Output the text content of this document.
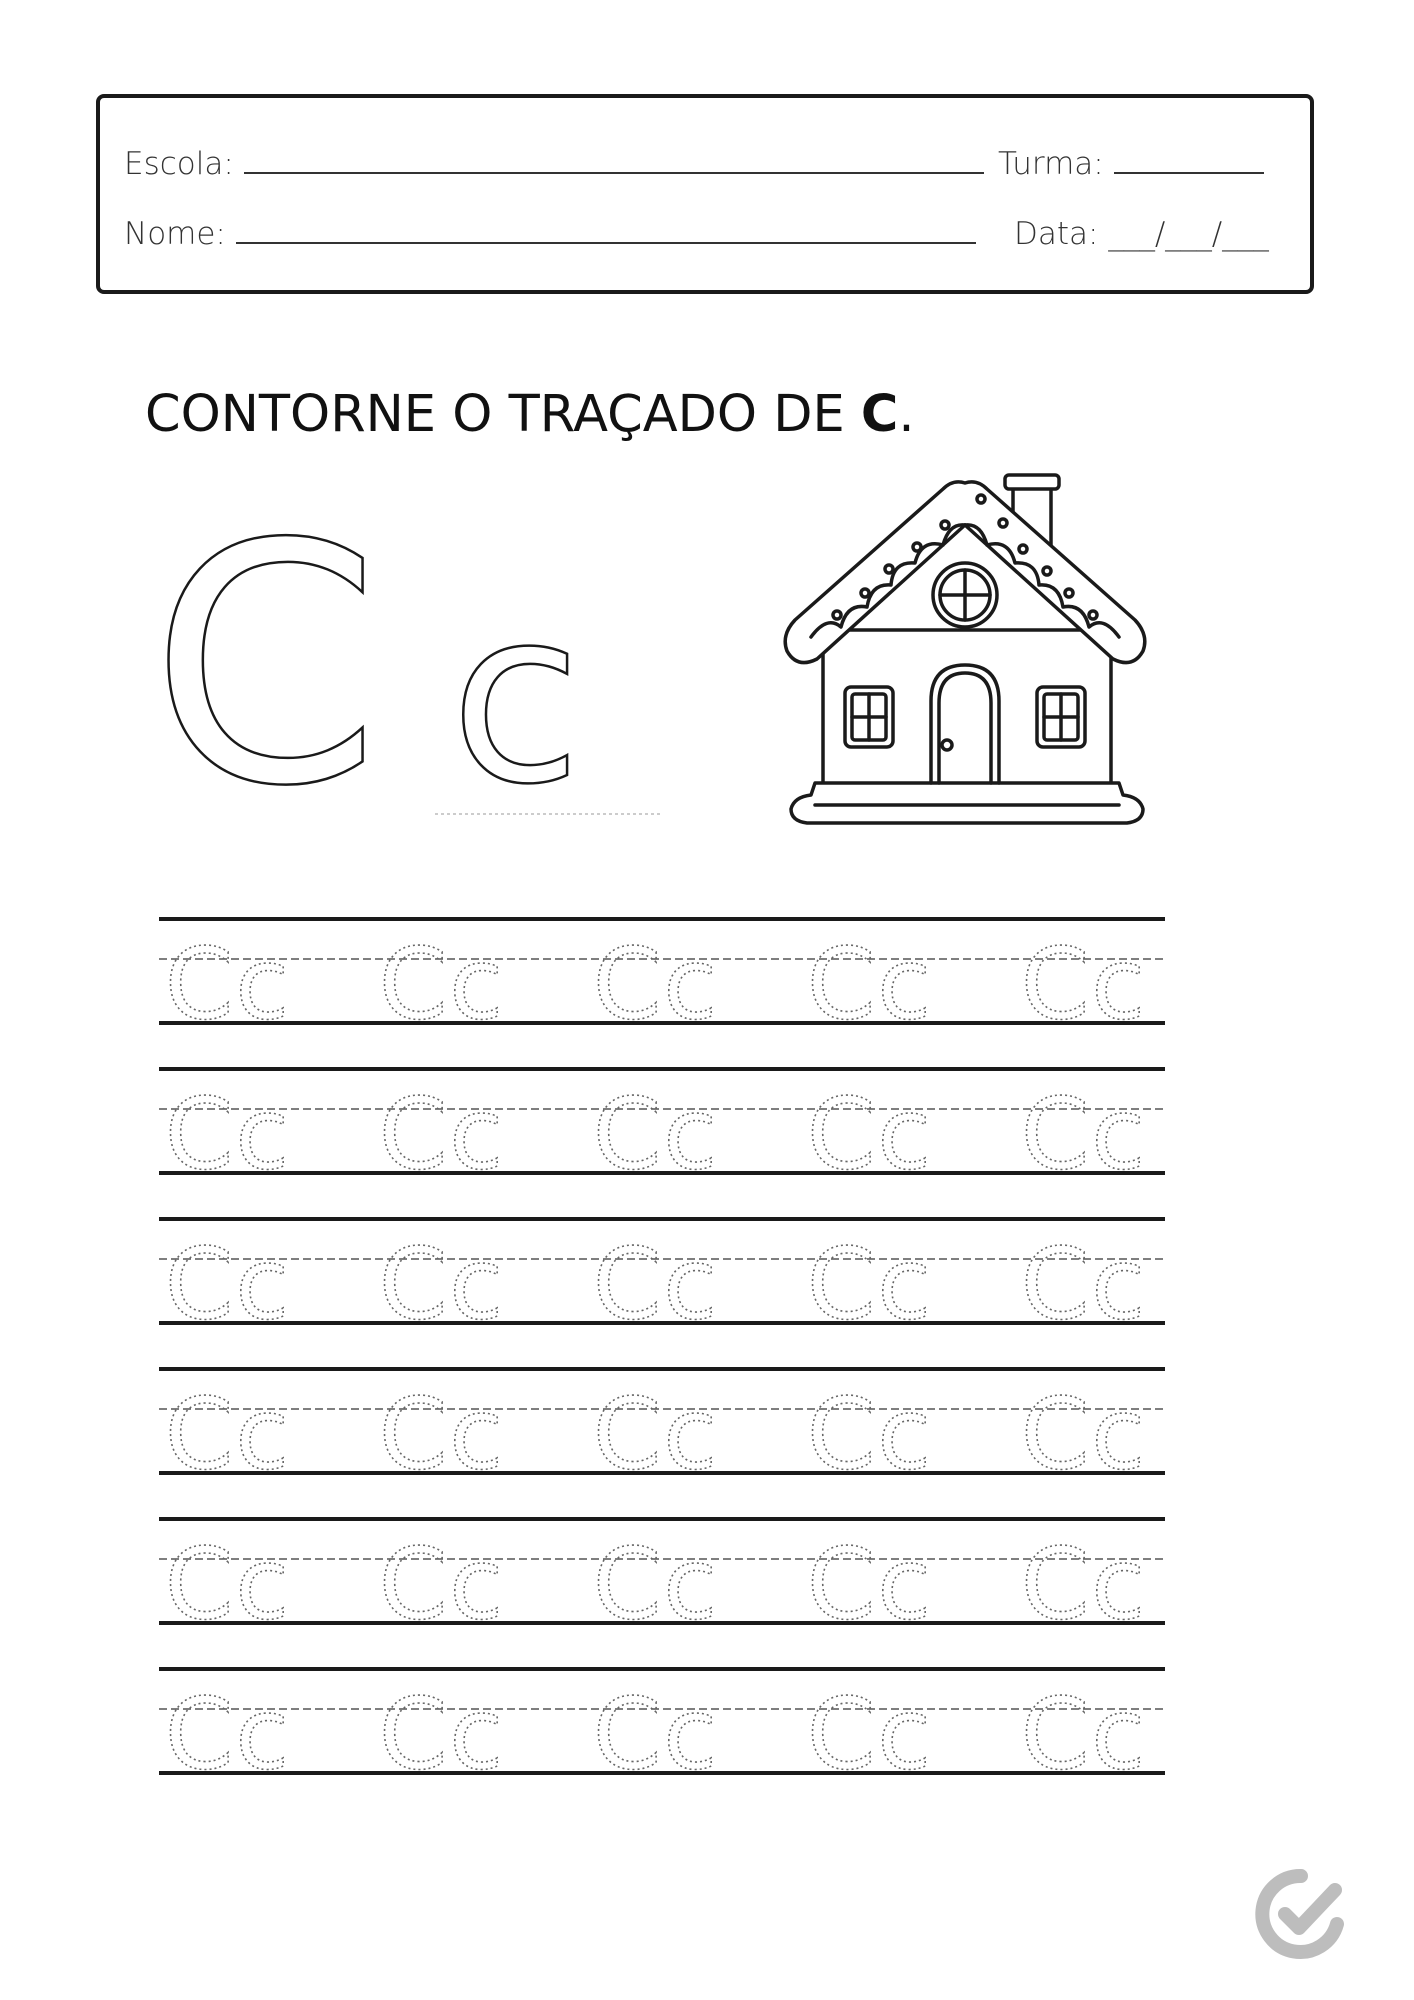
Escola:	Turma:
Nome:	Data: ___/___/___
CONTORNE O TRAÇADO DE C.
C c
Cc Cc Cc Cc Cc
Cc Cc Cc Cc Cc
Cc Cc Cc Cc Cc
Cc Cc Cc Cc Cc
Cc Cc Cc Cc Cc
Cc Cc Cc Cc Cc
